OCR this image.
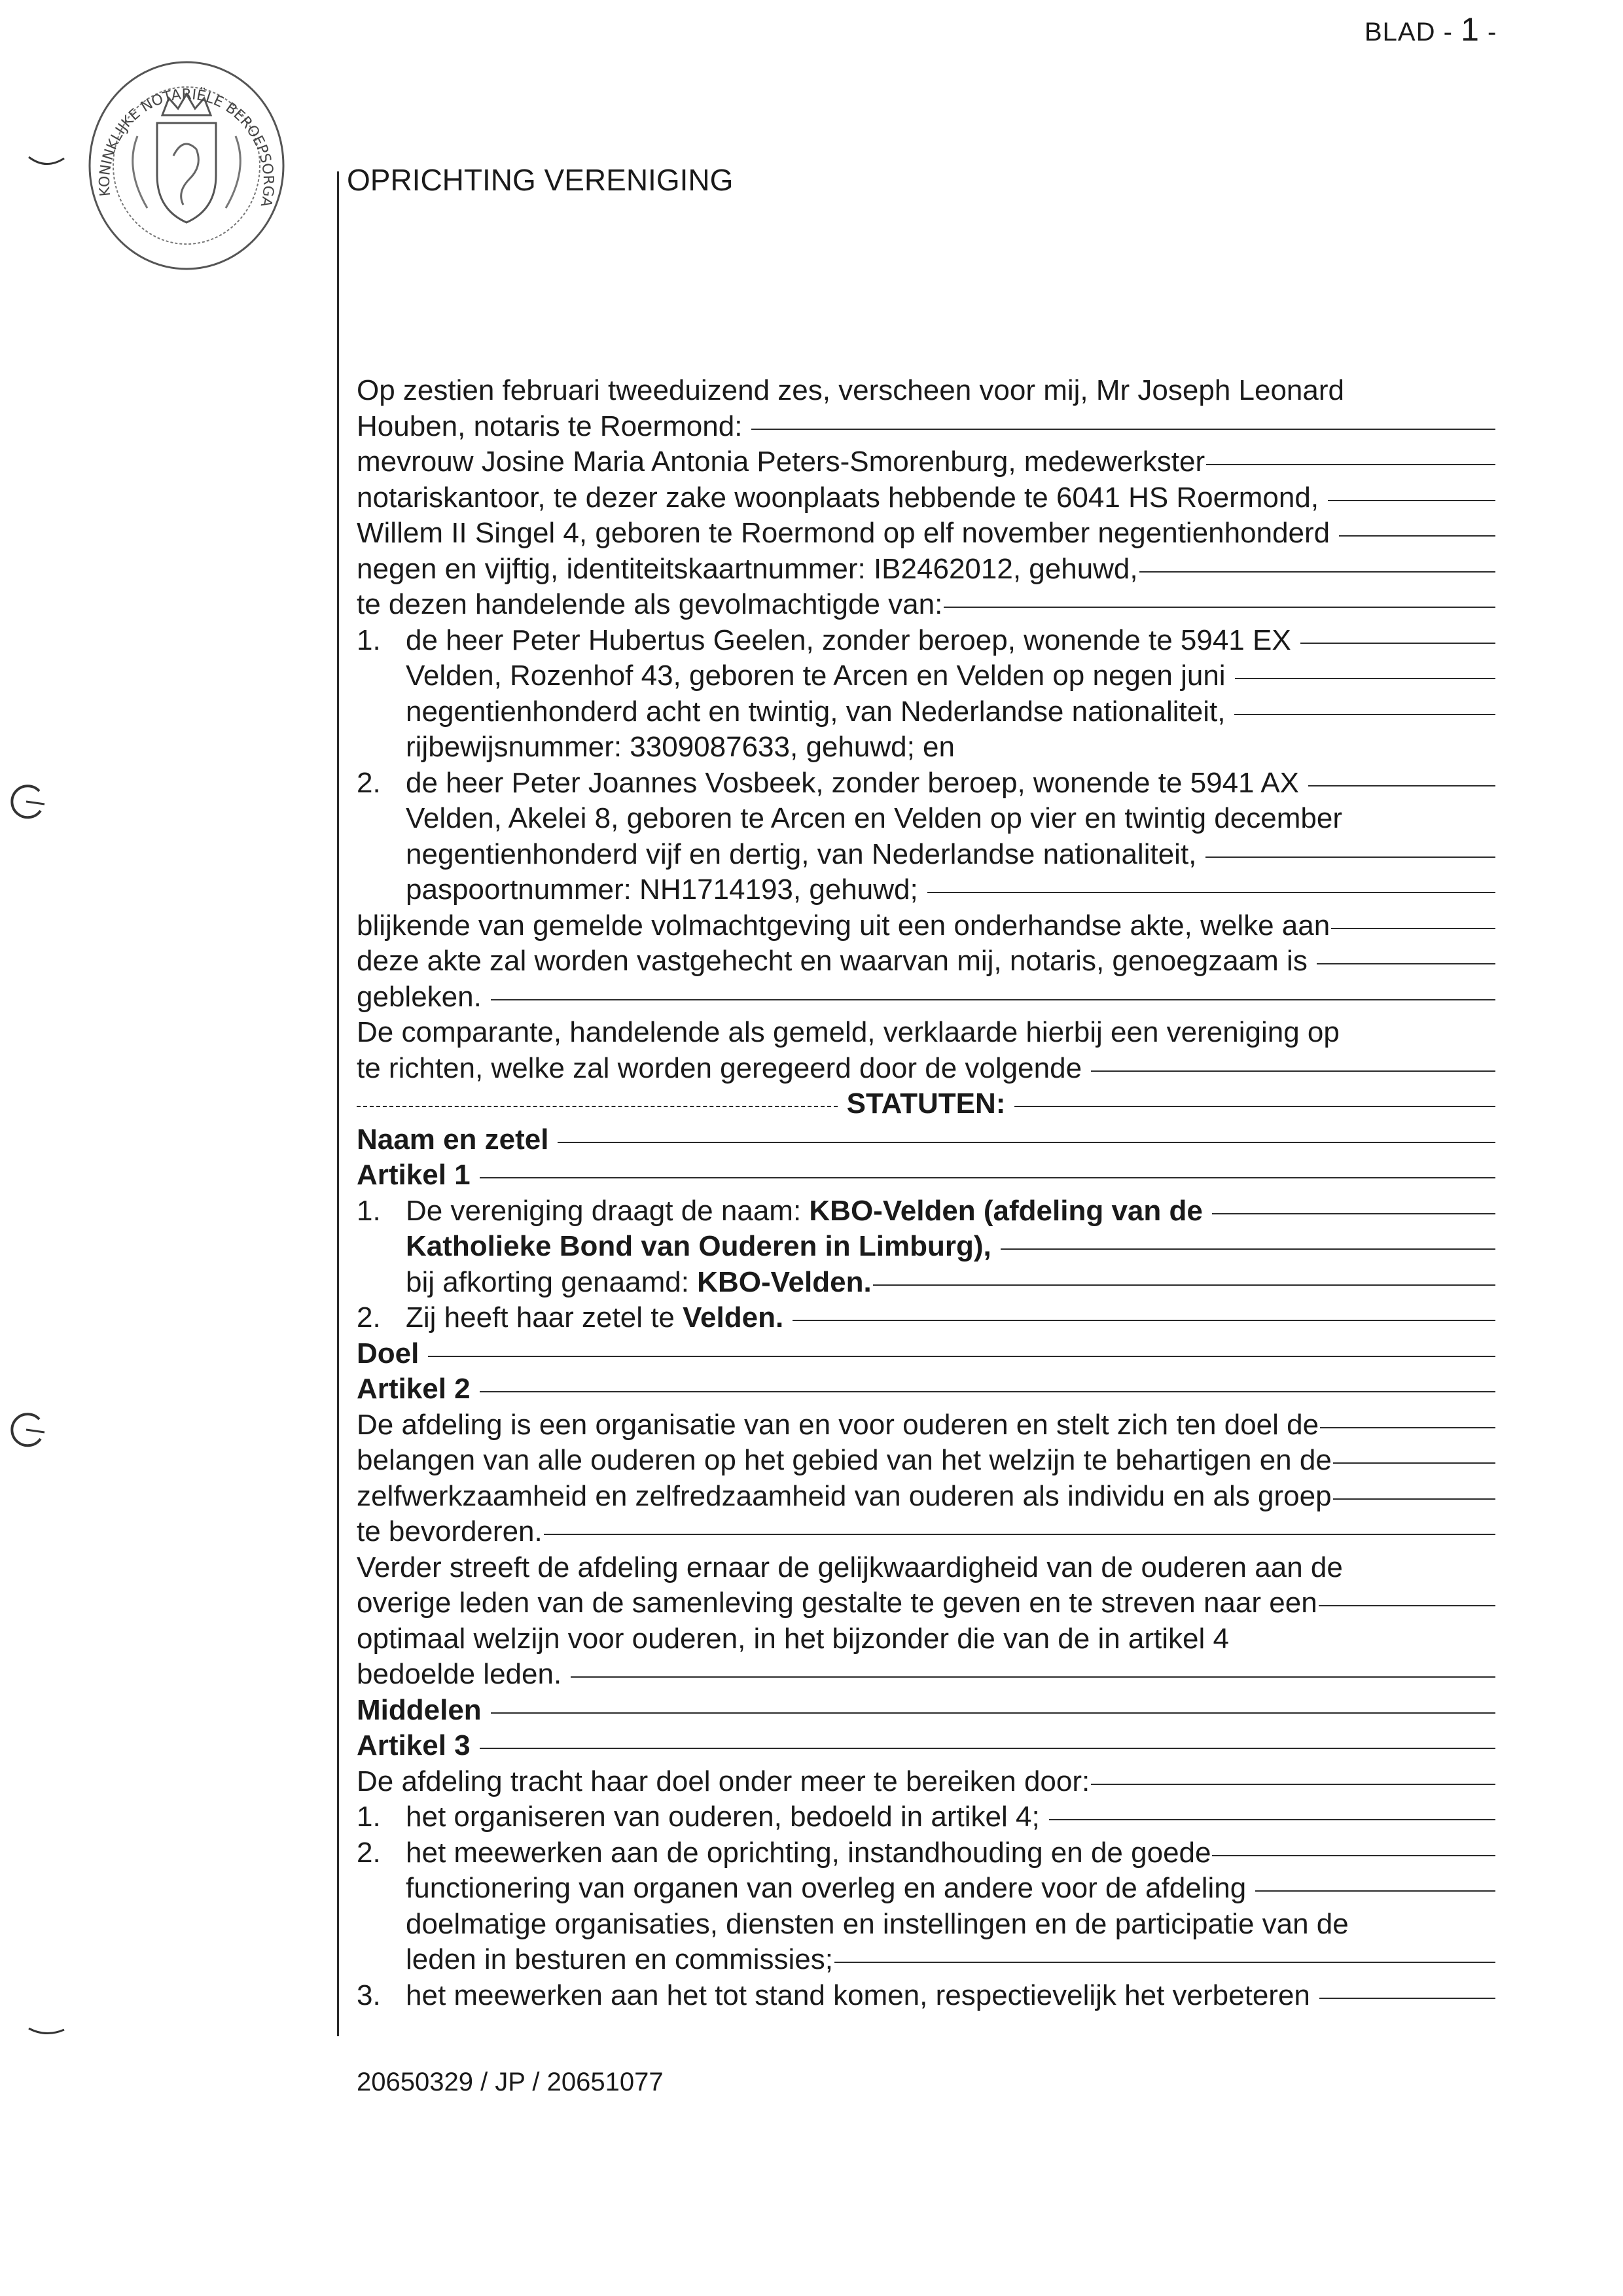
BLAD - 1 -
KONINKLIJKE NOTARIËLE BEROEPSORGA
OPRICHTING VERENIGING
Op zestien februari tweeduizend zes, verscheen voor mij, Mr Joseph Leonard
Houben, notaris te Roermond:
mevrouw Josine Maria Antonia Peters-Smorenburg, medewerkster
notariskantoor, te dezer zake woonplaats hebbende te 6041 HS Roermond,
Willem II Singel 4, geboren te Roermond op elf november negentienhonderd
negen en vijftig, identiteitskaartnummer: IB2462012, gehuwd,
te dezen handelende als gevolmachtigde van:
1. de heer Peter Hubertus Geelen, zonder beroep, wonende te 5941 EX
Velden, Rozenhof 43, geboren te Arcen en Velden op negen juni
negentienhonderd acht en twintig, van Nederlandse nationaliteit,
rijbewijsnummer: 3309087633, gehuwd; en
2. de heer Peter Joannes Vosbeek, zonder beroep, wonende te 5941 AX
Velden, Akelei 8, geboren te Arcen en Velden op vier en twintig december
negentienhonderd vijf en dertig, van Nederlandse nationaliteit,
paspoortnummer: NH1714193, gehuwd;
blijkende van gemelde volmachtgeving uit een onderhandse akte, welke aan
deze akte zal worden vastgehecht en waarvan mij, notaris, genoegzaam is
gebleken.
De comparante, handelende als gemeld, verklaarde hierbij een vereniging op
te richten, welke zal worden geregeerd door de volgende
STATUTEN:
Naam en zetel
Artikel 1
1. De vereniging draagt de naam: KBO-Velden (afdeling van de
Katholieke Bond van Ouderen in Limburg),
bij afkorting genaamd: KBO-Velden.
2. Zij heeft haar zetel te Velden.
Doel
Artikel 2
De afdeling is een organisatie van en voor ouderen en stelt zich ten doel de
belangen van alle ouderen op het gebied van het welzijn te behartigen en de
zelfwerkzaamheid en zelfredzaamheid van ouderen als individu en als groep
te bevorderen.
Verder streeft de afdeling ernaar de gelijkwaardigheid van de ouderen aan de
overige leden van de samenleving gestalte te geven en te streven naar een
optimaal welzijn voor ouderen, in het bijzonder die van de in artikel 4
bedoelde leden.
Middelen
Artikel 3
De afdeling tracht haar doel onder meer te bereiken door:
1. het organiseren van ouderen, bedoeld in artikel 4;
2. het meewerken aan de oprichting, instandhouding en de goede
functionering van organen van overleg en andere voor de afdeling
doelmatige organisaties, diensten en instellingen en de participatie van de
leden in besturen en commissies;
3. het meewerken aan het tot stand komen, respectievelijk het verbeteren
20650329 / JP / 20651077
